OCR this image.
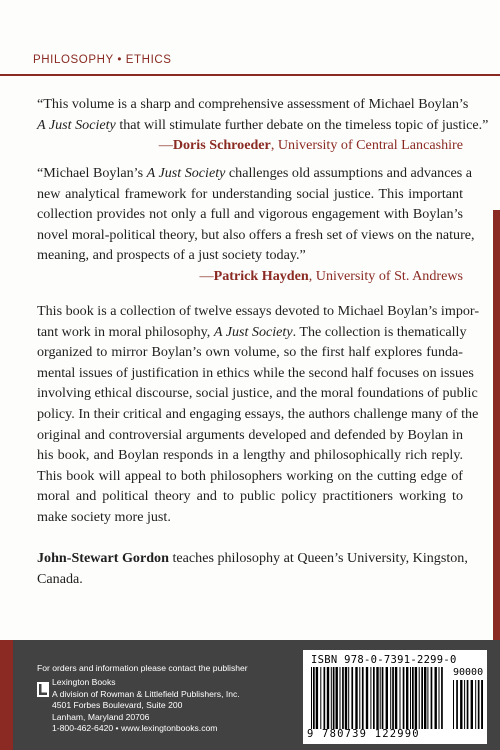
PHILOSOPHY • ETHICS
“This volume is a sharp and comprehensive assessment of Michael Boylan’s
A Just Society that will stimulate further debate on the timeless topic of justice.”
—Doris Schroeder, University of Central Lancashire
“Michael Boylan’s A Just Society challenges old assumptions and advances a
new analytical framework for understanding social justice. This important
collection provides not only a full and vigorous engagement with Boylan’s
novel moral-political theory, but also offers a fresh set of views on the nature,
meaning, and prospects of a just society today.”
—Patrick Hayden, University of St. Andrews
This book is a collection of twelve essays devoted to Michael Boylan’s impor-
tant work in moral philosophy, A Just Society. The collection is thematically
organized to mirror Boylan’s own volume, so the first half explores funda-
mental issues of justification in ethics while the second half focuses on issues
involving ethical discourse, social justice, and the moral foundations of public
policy. In their critical and engaging essays, the authors challenge many of the
original and controversial arguments developed and defended by Boylan in
his book, and Boylan responds in a lengthy and philosophically rich reply.
This book will appeal to both philosophers working on the cutting edge of
moral and political theory and to public policy practitioners working to
make society more just.
John-Stewart Gordon teaches philosophy at Queen’s University, Kingston,
Canada.
For orders and information please contact the publisher
Lexington Books
A division of Rowman & Littlefield Publishers, Inc.
4501 Forbes Boulevard, Suite 200
Lanham, Maryland 20706
1-800-462-6420 • www.lexingtonbooks.com
ISBN 978-0-7391-2299-0
90000
9 780739 122990
